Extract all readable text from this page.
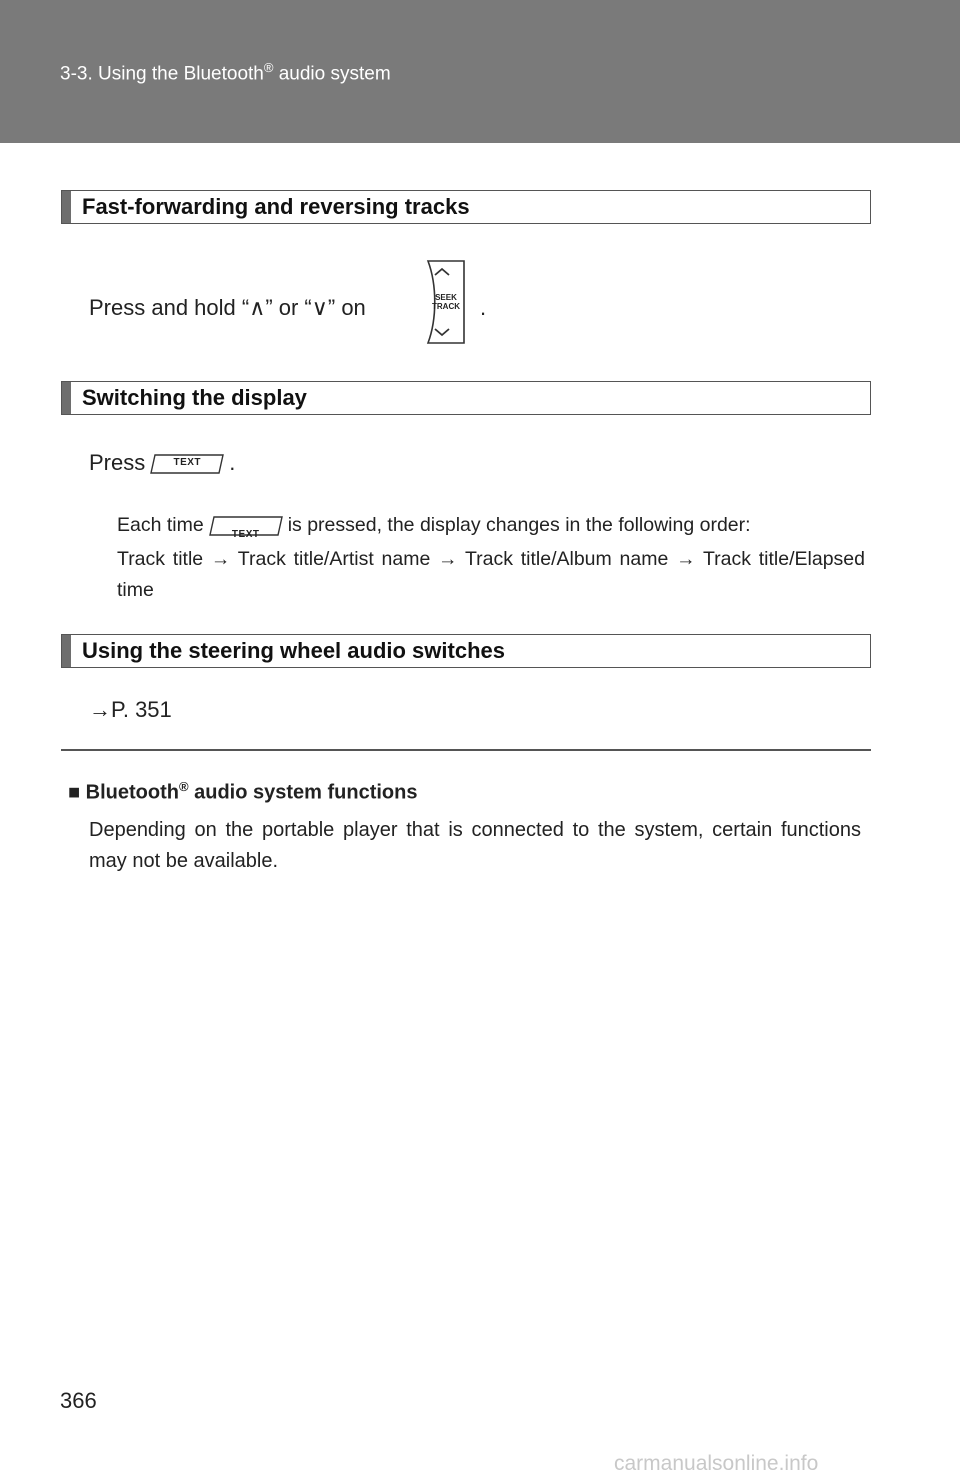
3-3. Using the Bluetooth® audio system
Fast-forwarding and reversing tracks
Press and hold “∧” or “∨” on	SEEK
TRACK .
Switching the display
Press	TEXT	.
Each time	TEXT	is pressed, the display changes in the following order:
Track title → Track title/Artist name → Track title/Album name → Track title/Elapsed time
Using the steering wheel audio switches
→P. 351
■ Bluetooth® audio system functions
Depending on the portable player that is connected to the system, certain functions may not be available.
366
carmanualsonline.info
